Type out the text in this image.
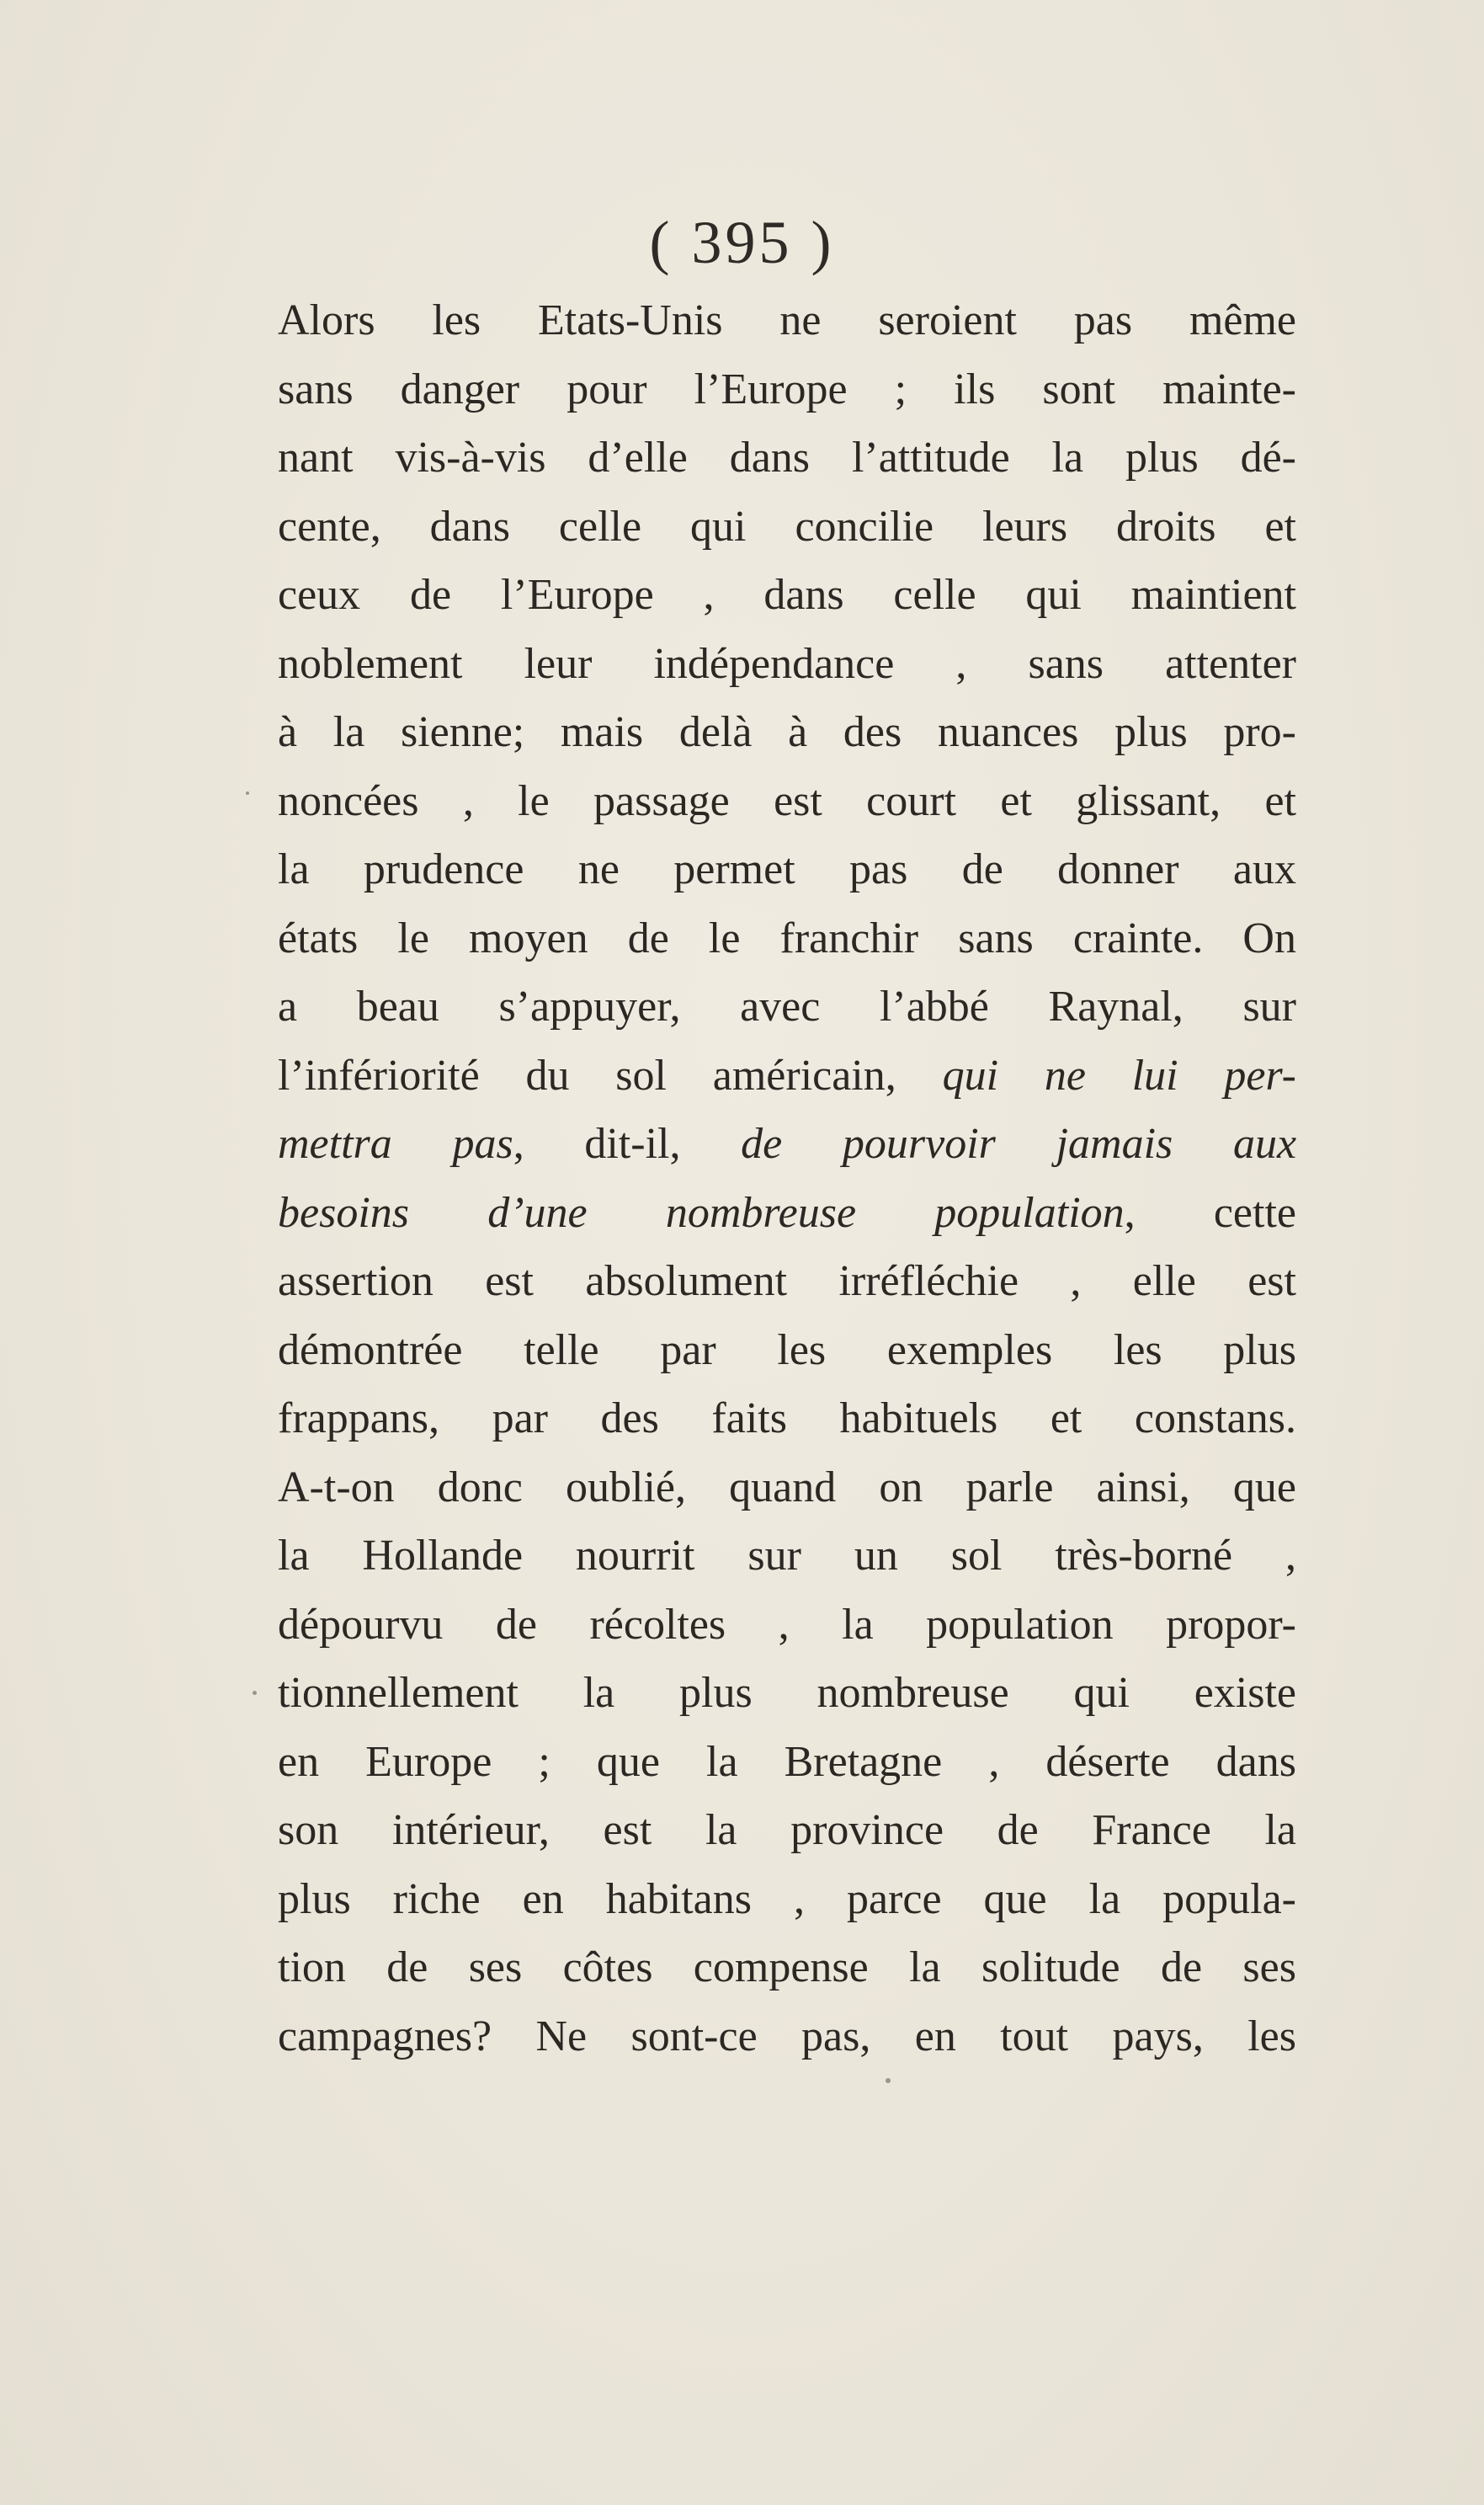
( 395 )
Alors les Etats-Unis ne seroient pas même
sans danger pour l’Europe ; ils sont mainte-
nant vis-à-vis d’elle dans l’attitude la plus dé-
cente, dans celle qui concilie leurs droits et
ceux de l’Europe , dans celle qui maintient
noblement leur indépendance , sans attenter
à la sienne; mais delà à des nuances plus pro-
noncées , le passage est court et glissant, et
la prudence ne permet pas de donner aux
états le moyen de le franchir sans crainte. On
a beau s’appuyer, avec l’abbé Raynal, sur
l’infériorité du sol américain, qui ne lui per-
mettra pas, dit-il, de pourvoir jamais aux
besoins d’une nombreuse population, cette
assertion est absolument irréfléchie , elle est
démontrée telle par les exemples les plus
frappans, par des faits habituels et constans.
A-t-on donc oublié, quand on parle ainsi, que
la Hollande nourrit sur un sol très-borné ,
dépourvu de récoltes , la population propor-
tionnellement la plus nombreuse qui existe
en Europe ; que la Bretagne , déserte dans
son intérieur, est la province de France la
plus riche en habitans , parce que la popula-
tion de ses côtes compense la solitude de ses
campagnes? Ne sont-ce pas, en tout pays, les
